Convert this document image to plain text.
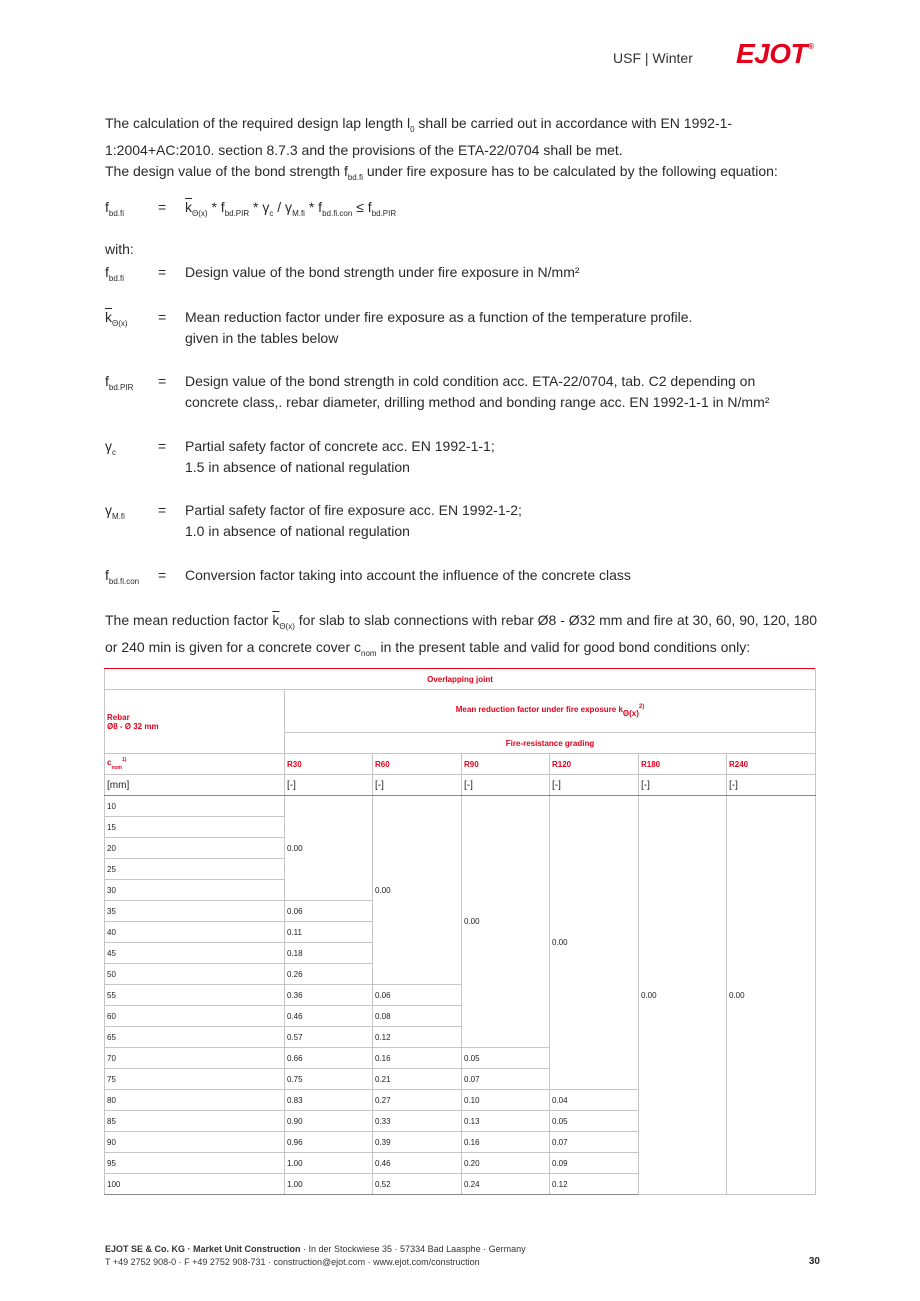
USF | Winter EJOT®

The calculation of the required design lap length $l_0$ shall be carried out in accordance with EN 1992-1-1:2004+AC:2010. section 8.7.3 and the provisions of the ETA-22/0704 shall be met.

The design value of the bond strength $f_{bd.fi}$ under fire exposure has to be calculated by the following equation:

$f_{bd.fi} = \overline{k}_{\Theta(x)} * f_{bd.PIR} * \gamma_c / \gamma_{M.fi} * f_{bd.fi.con} \le f_{bd.PIR}$
with:
$f_{bd.fi}$	= Design value of the bond strength under fire exposure in N/mm²
$\overline{k}_{\Theta(x)}$	= Mean reduction factor under fire exposure as a function of the temperature profile.
given in the tables below
$f_{bd.PIR}$	= Design value of the bond strength in cold condition acc. ETA-22/0704, tab. C2 depending on
concrete class,. rebar diameter, drilling method and bonding range acc. EN 1992-1-1 in N/mm²
$\gamma_c$	= Partial safety factor of concrete acc. EN 1992-1-1;
1.5 in absence of national regulation
$\gamma_{M.fi}$	= Partial safety factor of fire exposure acc. EN 1992-1-2;
1.0 in absence of national regulation
$f_{bd.fi.con}$	= Conversion factor taking into account the influence of the concrete class

The mean reduction factor $\overline{k}_{\Theta(x)}$ for slab to slab connections with rebar Ø8 - Ø32 mm and fire at 30, 60, 90, 120, 180 or 240 min is given for a concrete cover $c_{nom}$ in the present table and valid for good bond conditions only:

Overlapping joint						

Rebar
Ø8 - Ø 32 mm	Mean reduction factor under fire exposure $k\Theta(x)^{2)}$
	Fire-resistance grading					
$c_{nom}^{1)}$	R30	R60	R90	R120	R180	R240
[mm]	[-]	[-]	[-]	[-]	[-]	[-]
10	0.00	0.00	0.00	0.00	0.00	0.00
15						
20						
25						
30						
35	0.06					
40	0.11					
45	0.18					
50	0.26					
55	0.36	0.06				
60	0.46	0.08				
65	0.57	0.12				
70	0.66	0.16	0.05			
75	0.75	0.21	0.07			
80	0.83	0.27	0.10	0.04		
85	0.90	0.33	0.13	0.05		
90	0.96	0.39	0.16	0.07		
95	1.00	0.46	0.20	0.09		
100	1.00	0.52	0.24	0.12		
EJOT SE & Co. KG · Market Unit Construction · In der Stockwiese 35 · 57334 Bad Laasphe · Germany
T +49 2752 908-0 · F +49 2752 908-731 · construction@ejot.com · www.ejot.com/construction	30
